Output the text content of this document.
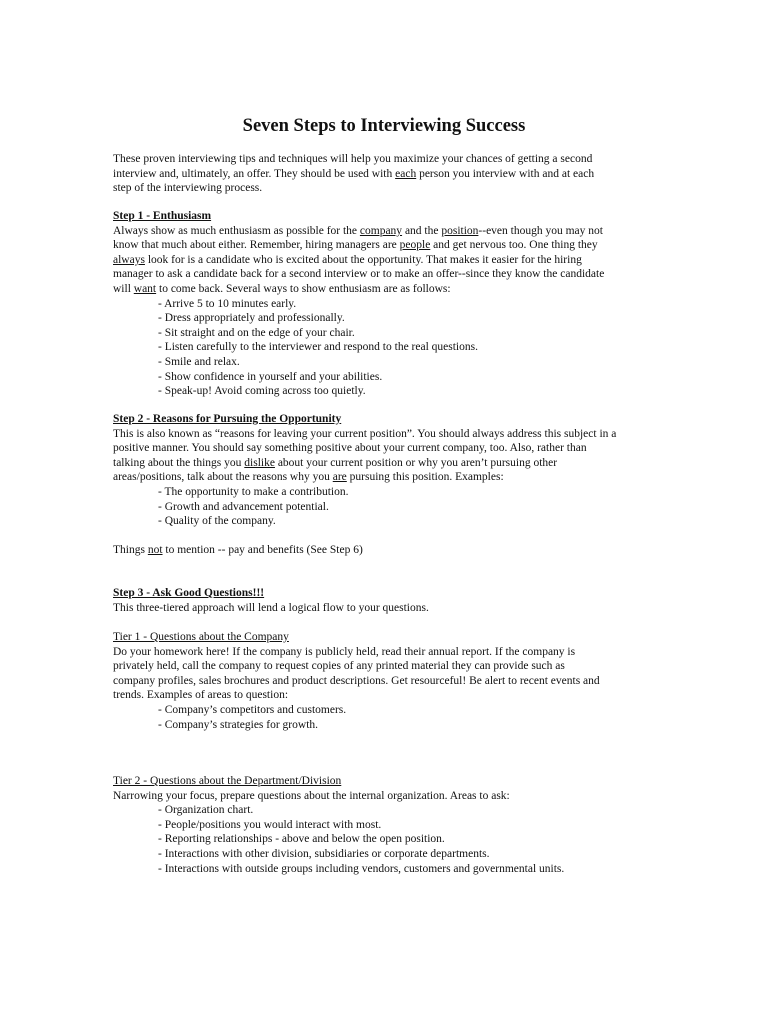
Seven Steps to Interviewing Success

These proven interviewing tips and techniques will help you maximize your chances of getting a second

interview and, ultimately, an offer. They should be used with each person you interview with and at each

step of the interviewing process.

Step 1 - Enthusiasm

Always show as much enthusiasm as possible for the company and the position--even though you may not

know that much about either. Remember, hiring managers are people and get nervous too. One thing they

always look for is a candidate who is excited about the opportunity. That makes it easier for the hiring

manager to ask a candidate back for a second interview or to make an offer--since they know the candidate

will want to come back. Several ways to show enthusiasm are as follows:

- Arrive 5 to 10 minutes early.
- Dress appropriately and professionally.
- Sit straight and on the edge of your chair.
- Listen carefully to the interviewer and respond to the real questions.
- Smile and relax.
- Show confidence in yourself and your abilities.
- Speak-up! Avoid coming across too quietly.
Step 2 - Reasons for Pursuing the Opportunity

This is also known as “reasons for leaving your current position”. You should always address this subject in a

positive manner. You should say something positive about your current company, too. Also, rather than

talking about the things you dislike about your current position or why you aren’t pursuing other

areas/positions, talk about the reasons why you are pursuing this position. Examples:

- The opportunity to make a contribution.
- Growth and advancement potential.
- Quality of the company.

Things not to mention -- pay and benefits (See Step 6)

Step 3 - Ask Good Questions!!!

This three-tiered approach will lend a logical flow to your questions.

Tier 1 - Questions about the Company

Do your homework here! If the company is publicly held, read their annual report. If the company is

privately held, call the company to request copies of any printed material they can provide such as

company profiles, sales brochures and product descriptions. Get resourceful! Be alert to recent events and

trends. Examples of areas to question:

- Company’s competitors and customers.
- Company’s strategies for growth.
Tier 2 - Questions about the Department/Division

Narrowing your focus, prepare questions about the internal organization. Areas to ask:

- Organization chart.
- People/positions you would interact with most.
- Reporting relationships - above and below the open position.
- Interactions with other division, subsidiaries or corporate departments.
- Interactions with outside groups including vendors, customers and governmental units.
